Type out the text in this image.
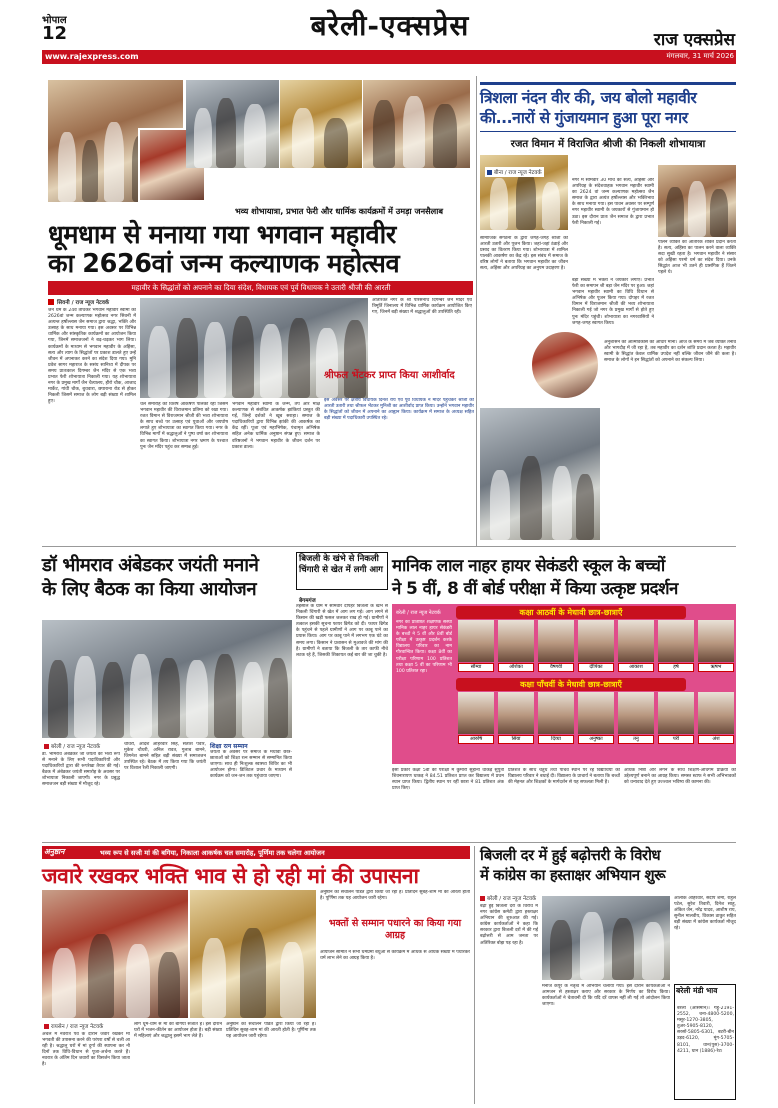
भोपाल
12	बरेली-एक्सप्रेस	राज एक्सप्रेस
www.rajexpress.com	मंगलवार, 31 मार्च 2026
भव्य शोभायात्रा, प्रभात फेरी और धार्मिक कार्यक्रमों में उमड़ा जनसैलाब
धूमधाम से मनाया गया भगवान महावीर
का 2626वां जन्म कल्याणक महोत्सव
महावीर के सिद्धांतों को अपनाने का दिया संदेश, विधायक एवं पूर्व विधायक ने उतारी श्रीजी की आरती
सिवनी / राज न्यूज नेटवर्क
जैन धर्म के 24वें तीर्थंकर भगवान महावीर स्वामी का 2626वां जन्म कल्याणक महोत्सव नगर सिवनी में अत्यन्त हर्षोल्लास जैन समाज द्वारा श्रद्धा, भक्ति और उत्साह के साथ मनाया गया। इस अवसर पर विभिन्न धार्मिक और सांस्कृतिक कार्यक्रमों का आयोजन किया गया, जिनमें समाजजनों ने बढ़-चढ़कर भाग लिया। कार्यक्रमों के माध्यम से भगवान महावीर के अहिंसा, सत्य और त्याग के सिद्धांतों पर प्रकाश डालते हुए उन्हें जीवन में अपनाकर करने का संदेश दिया गया। मुनि प्रवेश सागर महाराज के ससंघ सानिध्य में दीपक पर समय प्रातःकाल दिगम्बर जैन मंदिर से एक भव्य प्रभात फेरी शोभायात्रा निकाली गया। यह शोभायात्रा नगर के प्रमुख मार्गों जैन चैत्यालय, हीरो चौक, आजाद मार्केट, गांधी चौक, बुधवारा, छपाराना रोड से होकर निकली जिसमें समाज के लोग बड़ी संख्या में शामिल हुए।
थल समारोह की विशेष आकर्षण पालकी रहीं जिसमें भगवान महावीर की विराजमान प्रतिमा को रखा गया। रजत विमान से विराजमान श्रीजी की भव्य शोभायात्रा के साथ बच्चे पर उत्साह एवं युवाओं और जयघोष लगाते हुए शोभायात्रा का स्वागत किया गया। नगर के विभिन्न मार्गों में श्रद्धालुओं ने पुष्प वर्षा कर शोभायात्रा का स्वागत किया। शोभायात्रा नगर भ्रमण के पश्चात पुनः जैन मंदिर पहुंच कर सम्पन्न हुई।
भगवान महावीर स्वामी के जन्म, तप और मोक्ष कल्याणक से संबंधित आकर्षक झांकियां प्रस्तुत की गईं, जिन्हें दर्शकों ने खूब सराहा। समाज के पदाधिकारियों द्वारा विभिन्न झांकी की आकर्षक का केंद्र रहीं। पूजा एवं महाभिषेक, पंचामृत अभिषेक सहित अनेक धार्मिक अनुष्ठान संपन्न हुए। समाज के वरिष्ठजनों ने भगवान महावीर के जीवन दर्शन पर प्रकाश डाला।
अतिरिक्त नगर के श्री पारसनाथ दिगम्बर जैन मंदिर एवं त्रिमूर्ति जिनालय में विभिन्न धार्मिक कार्यक्रम आयोजित किए गए, जिनमें बड़ी संख्या में श्रद्धालुओं की उपस्थिति रही।
श्रीफल भेंटकर प्राप्त किया आशीर्वाद
इस अवसर पर क्षेत्रीय विधायक दिनेश राय एवं पूर्व विधायक ने मंदिर पहुंचकर श्रीजी की आरती उतारी तथा श्रीफल भेंटकर मुनिश्री का आशीर्वाद प्राप्त किया। उन्होंने भगवान महावीर के सिद्धांतों को जीवन में अपनाने का आह्वान किया। कार्यक्रम में समाज के अध्यक्ष सहित बड़ी संख्या में पदाधिकारी उपस्थित रहे।
त्रिशला नंदन वीर की, जय बोलो महावीर
की...नारों से गुंजायमान हुआ पूरा नगर
रजत विमान में विराजित श्रीजी की निकली शोभायात्रा
बीना / राज न्यूज नेटवर्क
नगर में सोमवार 30 मार्च को सत्य, अहिंसा और अपरिग्रह के संदेशवाहक भगवान महावीर स्वामी का 2624 वां जन्म कल्याणक महोत्सव जैन समाज के द्वारा अत्यंत हर्षोल्लास और भक्तिभाव के साथ मनाया गया। इस पावन अवसर पर सम्पूर्ण नगर महावीर स्वामी के जयकारों से गुंजायमान हो उठा। इस दौरान प्रातः जैन समाज के द्वारा प्रभात फेरी निकाली गई।
बड़ी संख्या में भक्तों ने जयकारे लगाए। प्रभात फेरी का समापन श्री बड़ा जैन मंदिर पर हुआ। जहां भगवान महावीर स्वामी का विधि विधान से अभिषेक और पूजन किया गया। दोपहर में रजत विमान में विराजमान श्रीजी की भव्य शोभायात्रा निकाली गई जो नगर के प्रमुख मार्गों से होते हुए पुनः मंदिर पहुंची। शोभायात्रा का नगरवासियों ने जगह-जगह स्वागत किया।
सामाजिक संगठनों के द्वारा जगह-जगह श्रीजी की आरती उतारी और पूजन किया। जहां-जहां ठंडाई और प्रसाद का वितरण किया गया। शोभायात्रा में शामिल पालकी आकर्षण का केंद्र रहे। इस संबंध में समाज के वरिष्ठ लोगों ने बताया कि भगवान महावीर का जीवन सत्य, अहिंसा और अपरिग्रह का अनुपम उदाहरण है।
पालन व्यक्ति को आंतरिक शक्ति प्रदान करता है। सत्य, अहिंसा का पालन करने वाला व्यक्ति सदा सुखी रहता है। भगवान महावीर ने संसार को अहिंसा परमो धर्म का संदेश दिया। उनके सिद्धांत आज भी उतने ही प्रासंगिक हैं जितने पहले थे।
अनुशासन को आत्मविकास का आधार माना। आज के समय में जब व्यक्ति तनाव और भागदौड़ में जी रहा है, तब महावीर का दर्शन शांति प्रदान करता है। महावीर स्वामी के सिद्धांत केवल धार्मिक उपदेश नहीं बल्कि जीवन जीने की कला है। समाज के लोगों ने इन सिद्धांतों को अपनाने का संकल्प लिया।
डॉ भीमराव अंबेडकर जयंती मनाने
के लिए बैठक का किया आयोजन
बरेली / राज न्यूज नेटवर्क
डॉ. भीमराव अंबेडकर जी जयंती को भव्य रूप से मनाने के लिए सभी पदाधिकारियों और पदाधिकारियों द्वारा की रूपरेखा तैयार की गई। बैठक में अंबेडकर जयंती समारोह के अवसर पर शोभायात्रा निकाली जाएगी। नगर के प्रबुद्ध समाजजन बड़ी संख्या में मौजूद रहे।
चौधरी, आदर्श अहिरवार सिंह, सतीश पवार, मुकेश चौधरी, अनिल रावत, गुलाब बामने, जिगनेश बामने सहित बड़ी संख्या में समाजजन उपस्थित रहे। बैठक में तय किया गया कि जयंती पर विशाल रैली निकाली जाएगी।
शिक्षा रत्न सम्मान
जयंती के अवसर पर समाज के मेधावी छात्र-छात्राओं को शिक्षा रत्न सम्मान से सम्मानित किया जाएगा। साथ ही निःशुल्क स्वास्थ्य शिविर का भी आयोजन होगा। डिजिटल प्रचार के माध्यम से कार्यक्रम को जन-जन तक पहुंचाया जाएगा।
बिजली के खंभे से निकली चिंगारी से खेत में लगी आग
बेगमगंज
तहसील के ग्राम में सोमवार दोपहर बिजली के खंभे से निकली चिंगारी से खेत में आग लग गई। आग लगने से किसान की खड़ी फसल जलकर राख हो गई। ग्रामीणों ने तत्काल इसकी सूचना फायर ब्रिगेड को दी। फायर ब्रिगेड के पहुंचने से पहले ग्रामीणों ने आग पर काबू पाने का प्रयास किया। आग पर काबू पाने में लगभग एक घंटे का समय लगा। किसान ने प्रशासन से मुआवजे की मांग की है। ग्रामीणों ने बताया कि बिजली के तार काफी नीचे लटक रहे हैं, जिसकी शिकायत कई बार की जा चुकी है।
मानिक लाल नाहर हायर सेकंडरी स्कूल के बच्चों
ने 5 वीं, 8 वीं बोर्ड परीक्षा में किया उत्कृष्ट प्रदर्शन
कक्षा आठवीं के मेधावी छात्र-छात्राएँ
सौम्या	अंशिका	वैष्णवी	दीपिका	आकाश	हर्ष	ऋषभ
कक्षा पाँचवीं के मेधावी छात्र-छात्राएँ
आरुषि	सिया	दिव्या	अनुष्का	तनु	परी	अंश
बरेली / राज न्यूज नेटवर्क
नगर की प्रतिष्ठित शैक्षणिक संस्था मानिक लाल नाहर हायर सेकंडरी के बच्चों ने 5 वीं और 8वीं बोर्ड परीक्षा में उत्कृष्ट प्रदर्शन करके विद्यालय परिवार का नाम गौरवान्वित किया। कक्षा 8वीं का परीक्षा परिणाम 100 प्रतिशत तथा कक्षा 5 वीं का परिणाम भी 100 प्रतिशत रहा।
इसी प्रकार कक्षा 5वीं की परीक्षा में कुमारी सुहानी धाकड़ सुपुत्री शिवनारायण धाकड़ ने 84.51 प्रतिशत प्राप्त कर विद्यालय में प्रथम स्थान प्राप्त किया। द्वितीय स्थान पर रहीं छात्रा ने 81 प्रतिशत अंक प्राप्त किए।
प्रतिशत के साथ चतुर्थ तथा पांचवें स्थान पर रहे विद्यार्थियों को विद्यालय परिवार ने बधाई दी। विद्यालय के प्राचार्य ने बताया कि बच्चों की मेहनत और शिक्षकों के मार्गदर्शन से यह सफलता मिली है।
अधिक निष्ठा और लगन के साथ शिक्षण-अधिगम प्रक्रिया को उद्देश्यपूर्ण बनाने का आग्रह किया। समस्त स्टाफ ने सभी अभिभावकों को धन्यवाद देते हुए उज्ज्वल भविष्य की कामना की।
अनुष्ठान	भव्य रूप से सजी मां की बगिया, निकाला आकर्षक चल समारोह, पूर्णिमा तक चलेगा आयोजन
जवारे रखकर भक्ति भाव से हो रही मां की उपासना
रायसेन / राज न्यूज नेटवर्क
अंचल में नवरात्र पर्व के दौरान जवारे रखकर मां भगवती की उपासना करने की परंपरा वर्षों से चली आ रही है। श्रद्धालु घरों में मां दुर्गा की स्थापना कर नौ दिनों तक विधि-विधान से पूजा-अर्चना करते हैं। नवरात्र के अंतिम दिन जवारों का विसर्जन किया जाता है।
लोग धूम-धाम से मां की बगिया सजाते हैं। इस दौरान घरों में भजन-कीर्तन का आयोजन होता है। बड़ी संख्या में महिलाएं और श्रद्धालु इसमें भाग लेते हैं।
अनुष्ठान का संचालन पंडित द्वारा किया जा रहा है। प्रतिदिन सुबह-शाम मां की आरती होती है। पूर्णिमा तक यह आयोजन जारी रहेगा।
अनुष्ठान का संचालन पंडित द्वारा किया जा रहा है। प्रतिदिन सुबह-शाम मां की आरती होती है। पूर्णिमा तक यह आयोजन जारी रहेगा।
भक्तों से सम्मान पधारने का किया गया आग्रह
आयोजन समिति ने सभी धर्मप्रेमी बंधुओं से कार्यक्रम में अधिक से अधिक संख्या में पधारकर धर्म लाभ लेने का आग्रह किया है।
बिजली दर में हुई बढ़ोत्तरी के विरोध
में कांग्रेस का हस्ताक्षर अभियान शुरू
बरेली / राज न्यूज नेटवर्क
बढ़ी हुई बिजली दरों के विरोध में नगर कांग्रेस कमेटी द्वारा हस्ताक्षर अभियान की शुरुआत की गई। कांग्रेस कार्यकर्ताओं ने कहा कि सरकार द्वारा बिजली दरों में की गई बढ़ोत्तरी से आम जनता पर अतिरिक्त बोझ पड़ रहा है।
मनोज कपूर के नेतृत्व में अभियान चलाया गया। इस दौरान कार्यकर्ताओं ने आमजन से हस्ताक्षर कराए और सरकार के निर्णय का विरोध किया। कार्यकर्ताओं ने चेतावनी दी कि यदि दरें वापस नहीं ली गईं तो आंदोलन किया जाएगा।
आलोक अहिरवार, संदीप शर्मा, राहुल पटेल, सुरेश तिवारी, दिनेश साहू, अंकित जैन, नरेंद्र यादव, आशीष राय, सुनील मालवीय, विकास ठाकुर सहित बड़ी संख्या में कांग्रेस कार्यकर्ता मौजूद रहे।
बरेली मंडी भाव
बरेली (आसमान)। गेहूं-2191-2552, चना-4800-5200, मसूर-1270-3805, तुअर-5905-8120, सरसों-5805-6301, बटरी-बीन उड़द-6120, मूंग-5705-8101, धान(पुस)-3700-4211, धान (1886)-रेट।
